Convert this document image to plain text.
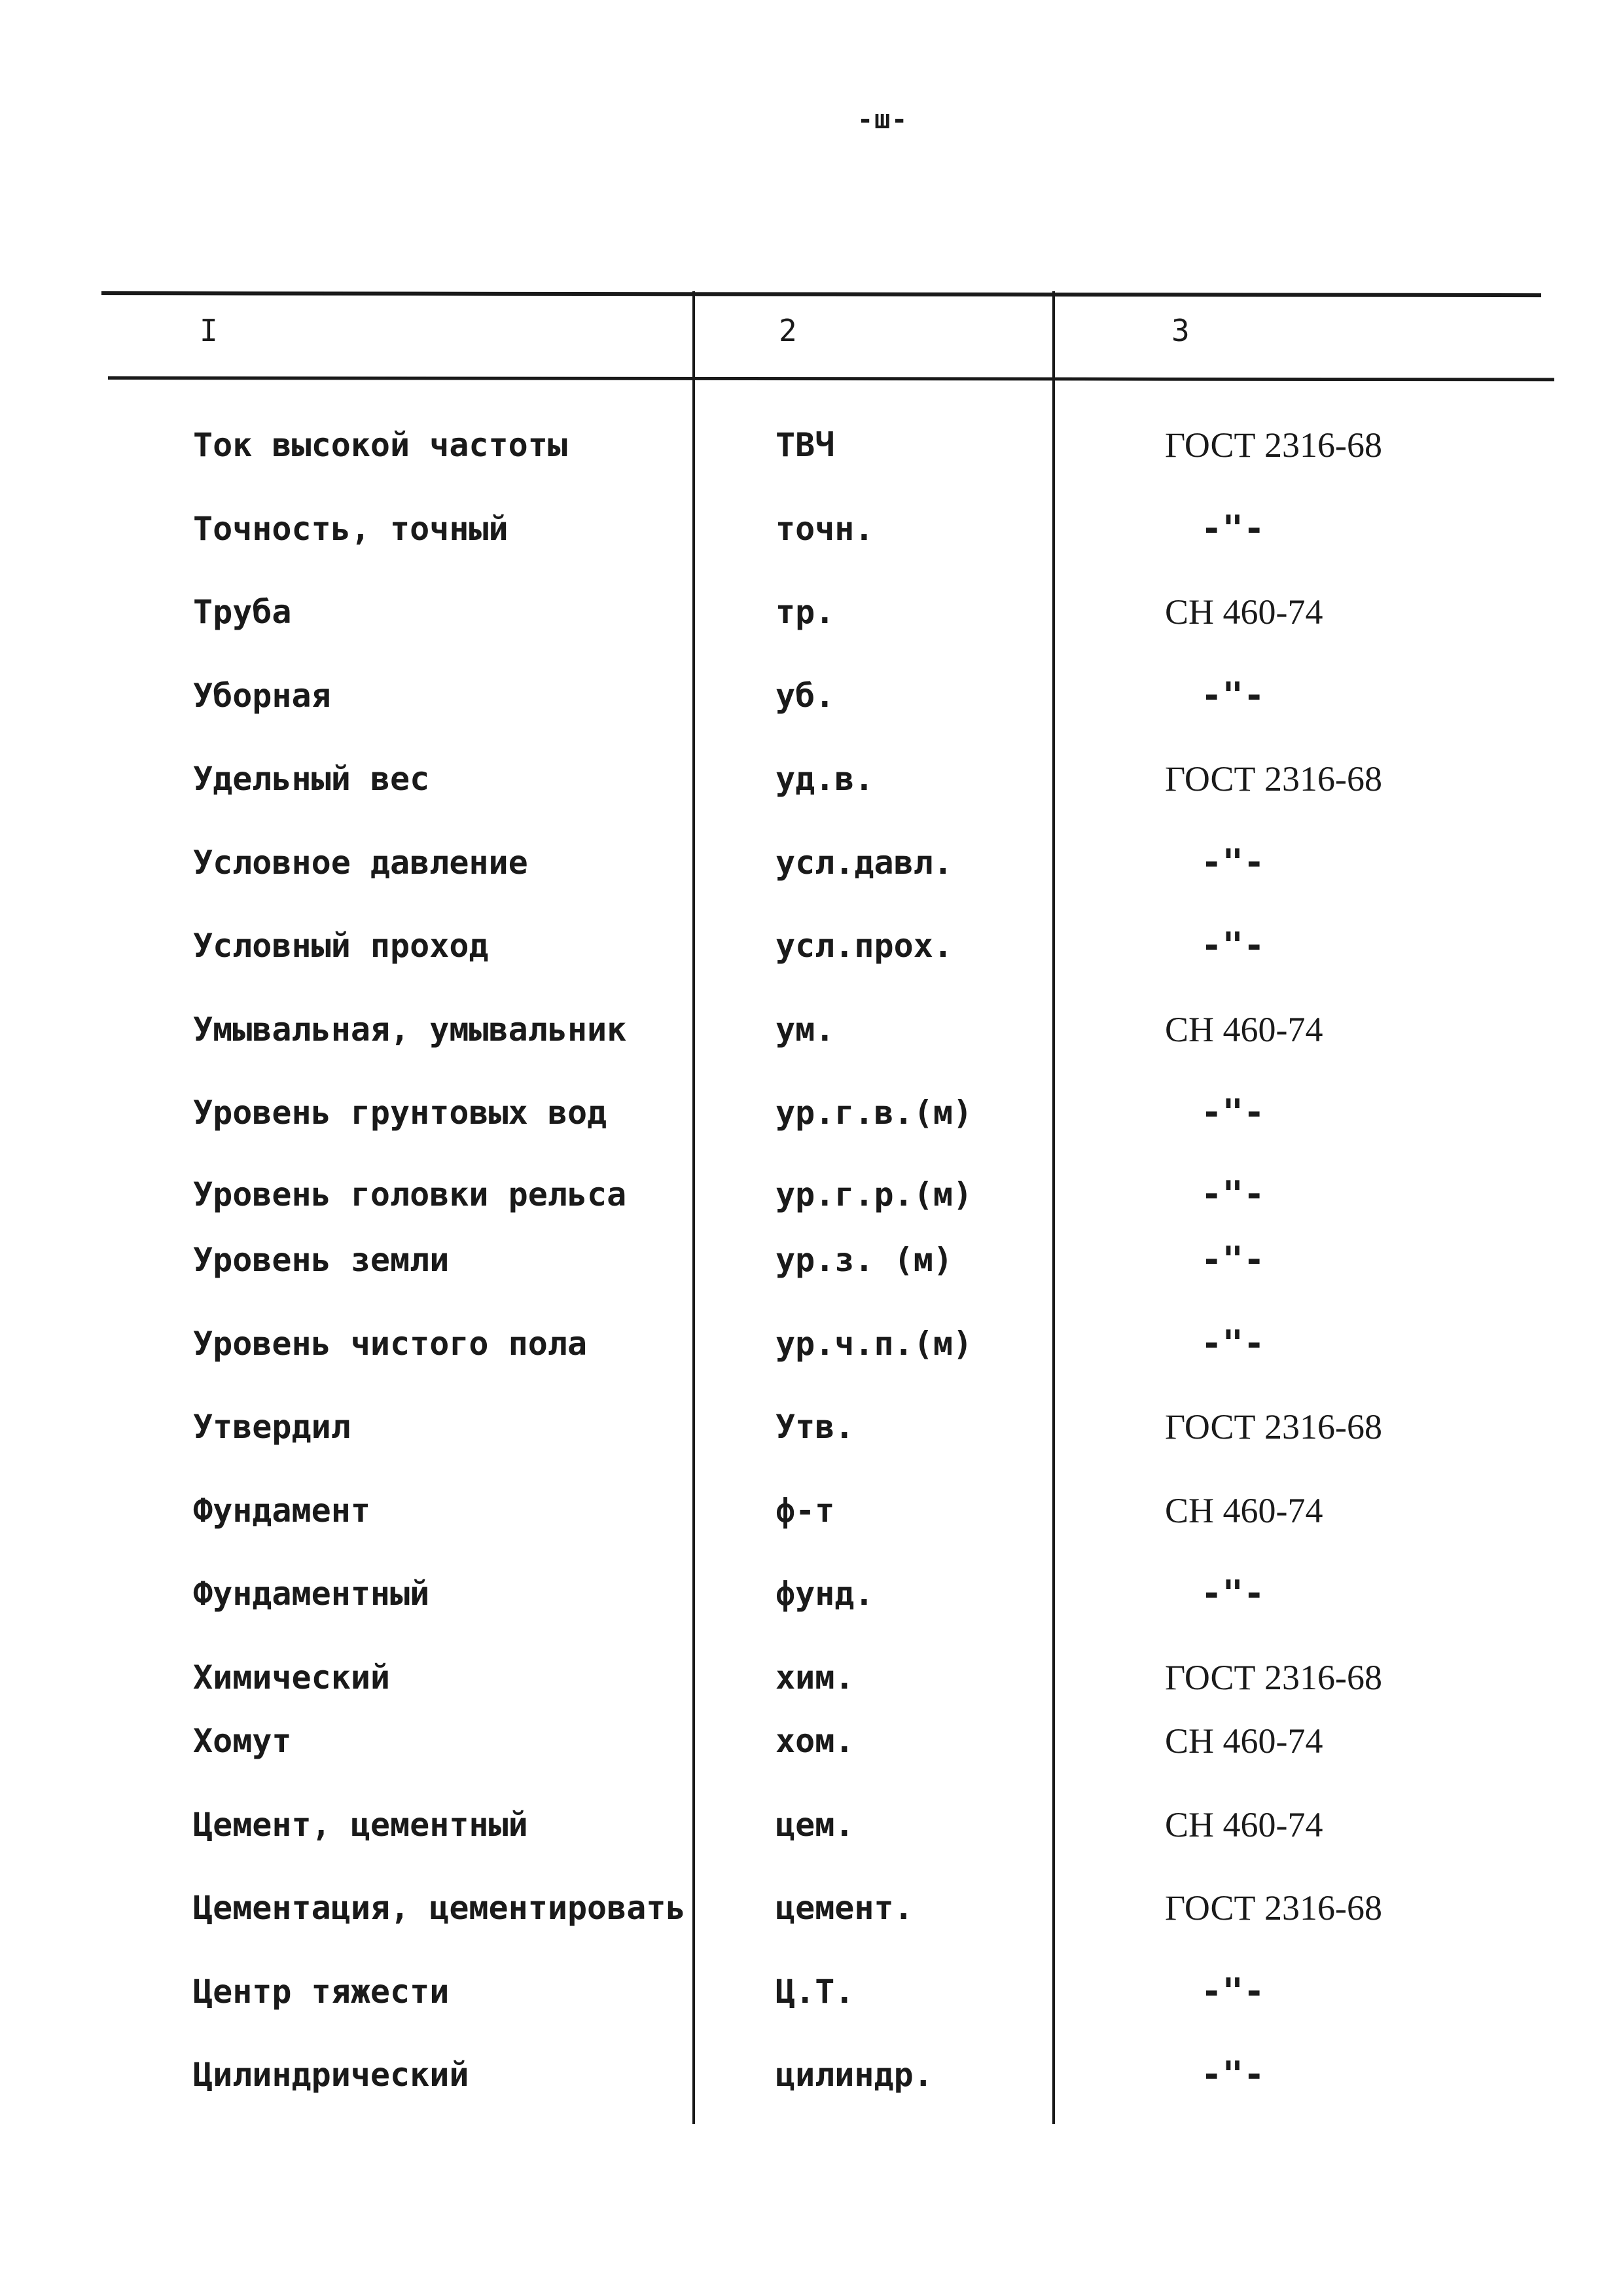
-ш-
I	2	3
Ток высокой частоты	ТВЧ	ГОСТ 2316-68
Точность, точный	точн.	-"-
Труба	тр.	СН 460-74
Уборная	уб.	-"-
Удельный вес	уд.в.	ГОСТ 2316-68
Условное давление	усл.давл.	-"-
Условный проход	усл.прох.	-"-
Умывальная, умывальник	ум.	СН 460-74
Уровень грунтовых вод	ур.г.в.(м)	-"-
Уровень головки рельса	ур.г.р.(м)	-"-
Уровень земли	ур.з. (м)	-"-
Уровень чистого пола	ур.ч.п.(м)	-"-
Утвердил	Утв.	ГОСТ 2316-68
Фундамент	ф-т	СН 460-74
Фундаментный	фунд.	-"-
Химический	хим.	ГОСТ 2316-68
Хомут	хом.	СН 460-74
Цемент, цементный	цем.	СН 460-74
Цементация, цементировать	цемент.	ГОСТ 2316-68
Центр тяжести	Ц.Т.	-"-
Цилиндрический	цилиндр.	-"-
